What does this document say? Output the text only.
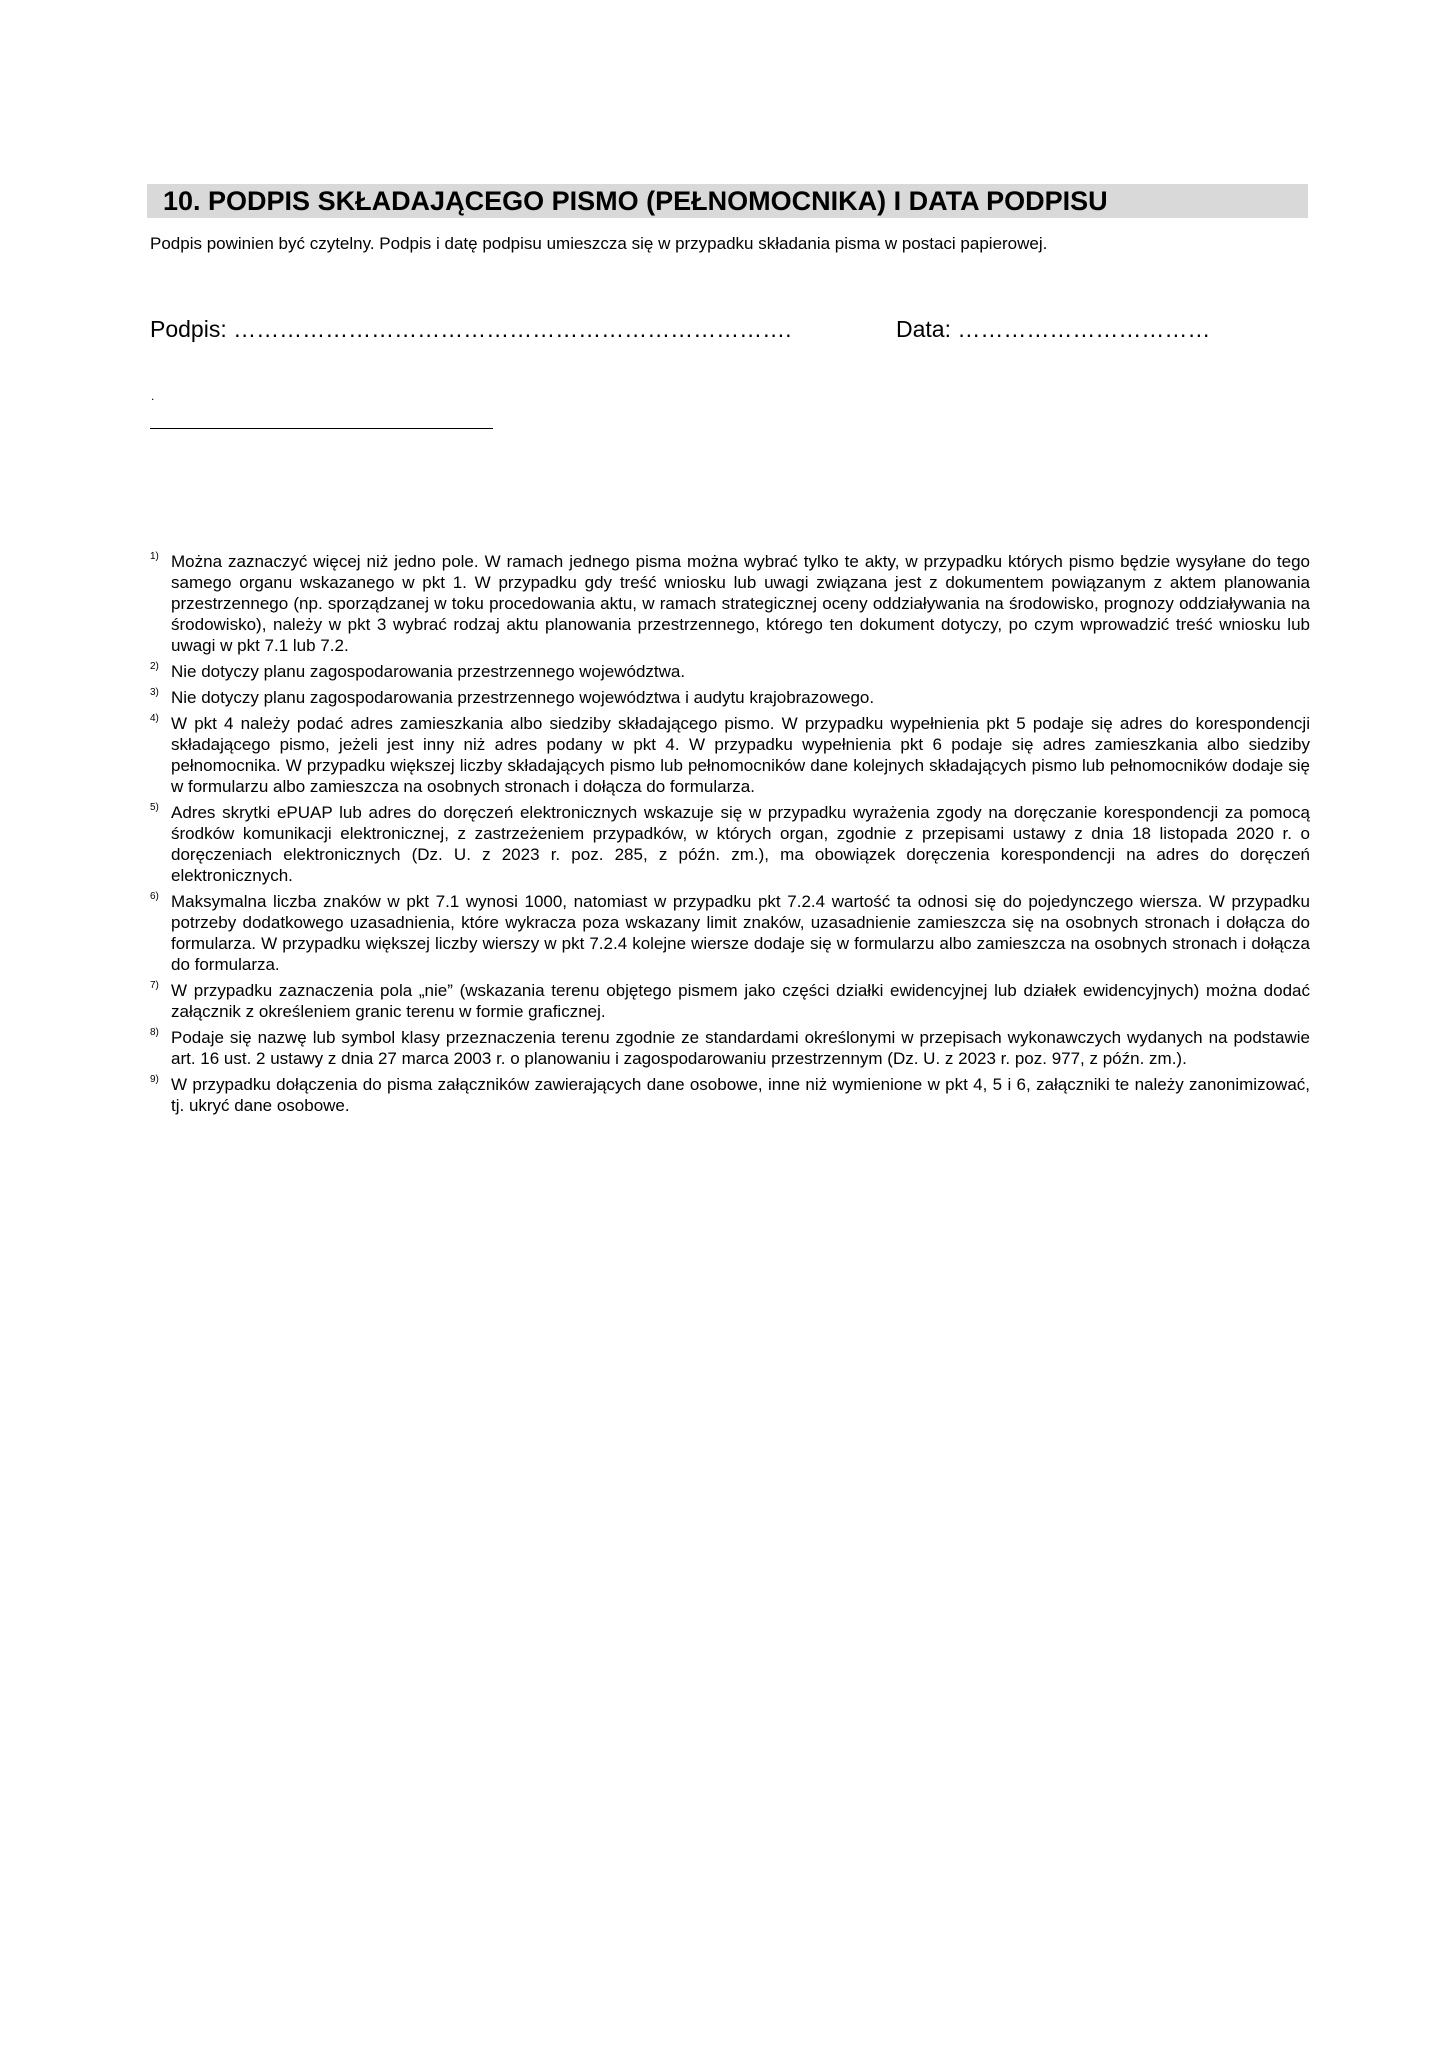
10. PODPIS SKŁADAJĄCEGO PISMO (PEŁNOMOCNIKA) I DATA PODPISU
Podpis powinien być czytelny. Podpis i datę podpisu umieszcza się w przypadku składania pisma w postaci papierowej.
Podpis: ……………………………………………………………….	Data: ……………………………
.
1) Można zaznaczyć więcej niż jedno pole. W ramach jednego pisma można wybrać tylko te akty, w przypadku których pismo będzie wysyłane do tego samego organu wskazanego w pkt 1. W przypadku gdy treść wniosku lub uwagi związana jest z dokumentem powiązanym z aktem planowania przestrzennego (np. sporządzanej w toku procedowania aktu, w ramach strategicznej oceny oddziaływania na środowisko, prognozy oddziaływania na środowisko), należy w pkt 3 wybrać rodzaj aktu planowania przestrzennego, którego ten dokument dotyczy, po czym wprowadzić treść wniosku lub uwagi w pkt 7.1 lub 7.2.
2) Nie dotyczy planu zagospodarowania przestrzennego województwa.
3) Nie dotyczy planu zagospodarowania przestrzennego województwa i audytu krajobrazowego.
4) W pkt 4 należy podać adres zamieszkania albo siedziby składającego pismo. W przypadku wypełnienia pkt 5 podaje się adres do korespondencji składającego pismo, jeżeli jest inny niż adres podany w pkt 4. W przypadku wypełnienia pkt 6 podaje się adres zamieszkania albo siedziby pełnomocnika. W przypadku większej liczby składających pismo lub pełnomocników dane kolejnych składających pismo lub pełnomocników dodaje się w formularzu albo zamieszcza na osobnych stronach i dołącza do formularza.
5) Adres skrytki ePUAP lub adres do doręczeń elektronicznych wskazuje się w przypadku wyrażenia zgody na doręczanie korespondencji za pomocą środków komunikacji elektronicznej, z zastrzeżeniem przypadków, w których organ, zgodnie z przepisami ustawy z dnia 18 listopada 2020 r. o doręczeniach elektronicznych (Dz. U. z 2023 r. poz. 285, z późn. zm.), ma obowiązek doręczenia korespondencji na adres do doręczeń elektronicznych.
6) Maksymalna liczba znaków w pkt 7.1 wynosi 1000, natomiast w przypadku pkt 7.2.4 wartość ta odnosi się do pojedynczego wiersza. W przypadku potrzeby dodatkowego uzasadnienia, które wykracza poza wskazany limit znaków, uzasadnienie zamieszcza się na osobnych stronach i dołącza do formularza. W przypadku większej liczby wierszy w pkt 7.2.4 kolejne wiersze dodaje się w formularzu albo zamieszcza na osobnych stronach i dołącza do formularza.
7) W przypadku zaznaczenia pola „nie” (wskazania terenu objętego pismem jako części działki ewidencyjnej lub działek ewidencyjnych) można dodać załącznik z określeniem granic terenu w formie graficznej.
8) Podaje się nazwę lub symbol klasy przeznaczenia terenu zgodnie ze standardami określonymi w przepisach wykonawczych wydanych na podstawie art. 16 ust. 2 ustawy z dnia 27 marca 2003 r. o planowaniu i zagospodarowaniu przestrzennym (Dz. U. z 2023 r. poz. 977, z późn. zm.).
9) W przypadku dołączenia do pisma załączników zawierających dane osobowe, inne niż wymienione w pkt 4, 5 i 6, załączniki te należy zanonimizować, tj. ukryć dane osobowe.
